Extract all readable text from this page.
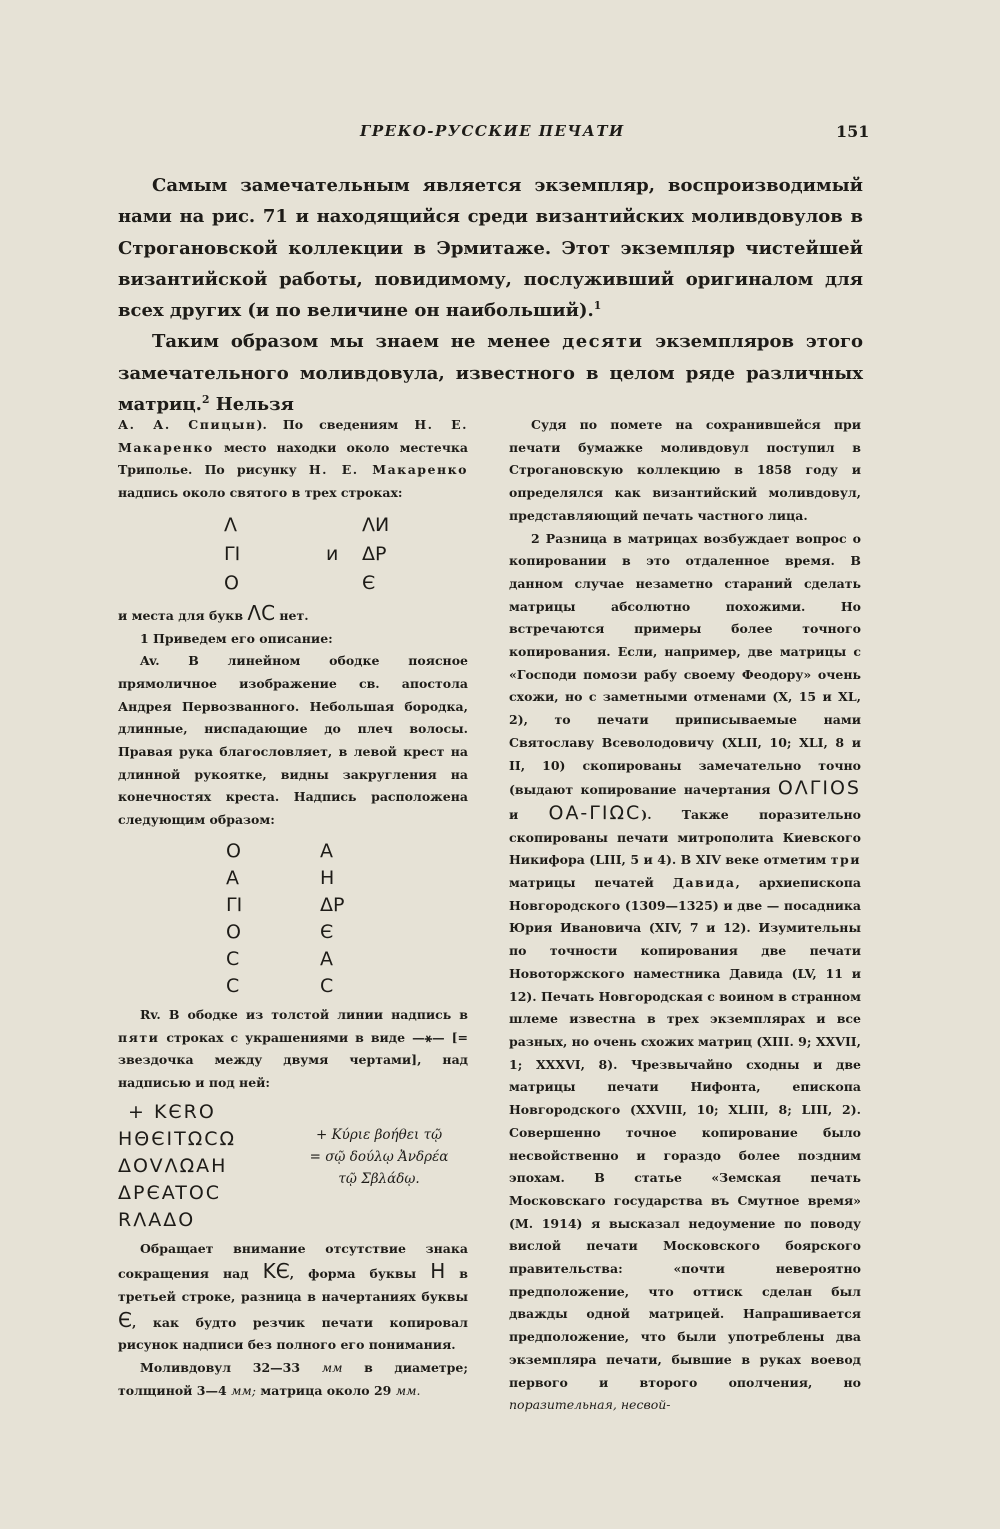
ГРЕКО-РУССКИЕ ПЕЧАТИ	151

Самым замечательным является экземпляр, воспроизводимый нами на рис. 71 и находящийся среди византийских моливдовулов в Строгановской коллекции в Эрмитаже. Этот экземпляр чистейшей византийской работы, повидимому, послуживший оригиналом для всех других (и по величине он наибольший).$^1$

Таким образом мы знаем не менее десяти экземпляров этого замечательного моливдовула, известного в целом ряде различных матриц.$^2$ Нельзя

А. А. Спицын). По сведениям Н. Е. Макаренко место находки около местечка Триполье. По рисунку Н. Е. Макаренко надпись около святого в трех строках:

Λ	ΛИ
ΓΙ	и	ΔΡ
Ο	Є

и места для букв ΛC нет.

1 Приведем его описание:

Av. В линейном ободке поясное прямоличное изображение св. апостола Андрея Первозванного. Небольшая бородка, длинные, ниспадающие до плеч волосы. Правая рука благословляет, в левой крест на длинной рукоятке, видны закругления на конечностях креста. Надпись расположена следующим образом:

Ο	Α
Α	Н
ΓΙ	ΔΡ
Ο	Є
C	Α
C	C

Rv. В ободке из толстой линии надпись в пяти строках с украшениями в виде —⚹— [= звездочка между двумя чертами], над надписью и под ней:

+ KЄRO
HΘЄITΩCΩ
ΔOVΛΩAH
ΔPЄATOC
RΛAΔO
+ Κύριε βοήθει τῷ
= σῷ δούλῳ Ἀνδρέα
τῷ Σβλάδῳ.

Обращает внимание отсутствие знака сокращения над KЄ, форма буквы Н в третьей строке, разница в начертаниях буквы Є, как будто резчик печати копировал рисунок надписи без полного его понимания.

Моливдовул 32—33 мм в диаметре; толщиной 3—4 мм; матрица около 29 мм.

Судя по помете на сохранившейся при печати бумажке моливдовул поступил в Строгановскую коллекцию в 1858 году и определялся как византийский моливдовул, представляющий печать частного лица.

2 Разница в матрицах возбуждает вопрос о копировании в это отдаленное время. В данном случае незаметно стараний сделать матрицы абсолютно похожими. Но встречаются примеры более точного копирования. Если, например, две матрицы с «Господи помози рабу своему Феодору» очень схожи, но с заметными отменами (X, 15 и XL, 2), то печати приписываемые нами Святославу Всеволодовичу (XLII, 10; XLI, 8 и II, 10) скопированы замечательно точно (выдают копирование начертания ΟΛΓΙΟS и ΟΑ-ΓΙΩC). Также поразительно скопированы печати митрополита Киевского Никифора (LIII, 5 и 4). В XIV веке отметим три матрицы печатей Давида, архиепископа Новгородского (1309—1325) и две — посадника Юрия Ивановича (XIV, 7 и 12). Изумительны по точности копирования две печати Новоторжского наместника Давида (LV, 11 и 12). Печать Новгородская с воином в странном шлеме известна в трех экземплярах и все разных, но очень схожих матриц (XIII. 9; XXVII, 1; XXXVI, 8). Чрезвычайно сходны и две матрицы печати Нифонта, епископа Новгородского (XXVIII, 10; XLIII, 8; LIII, 2). Совершенно точное копирование было несвойственно и гораздо более поздним эпохам. В статье «Земская печать Московскаго государства въ Смутное время» (М. 1914) я высказал недоумение по поводу вислой печати Московского боярского правительства: «почти невероятно предположение, что оттиск сделан был дважды одной матрицей. Напрашивается предположение, что были употреблены два экземпляра печати, бывшие в руках воевод первого и второго ополчения, но поразительная, несвой-
